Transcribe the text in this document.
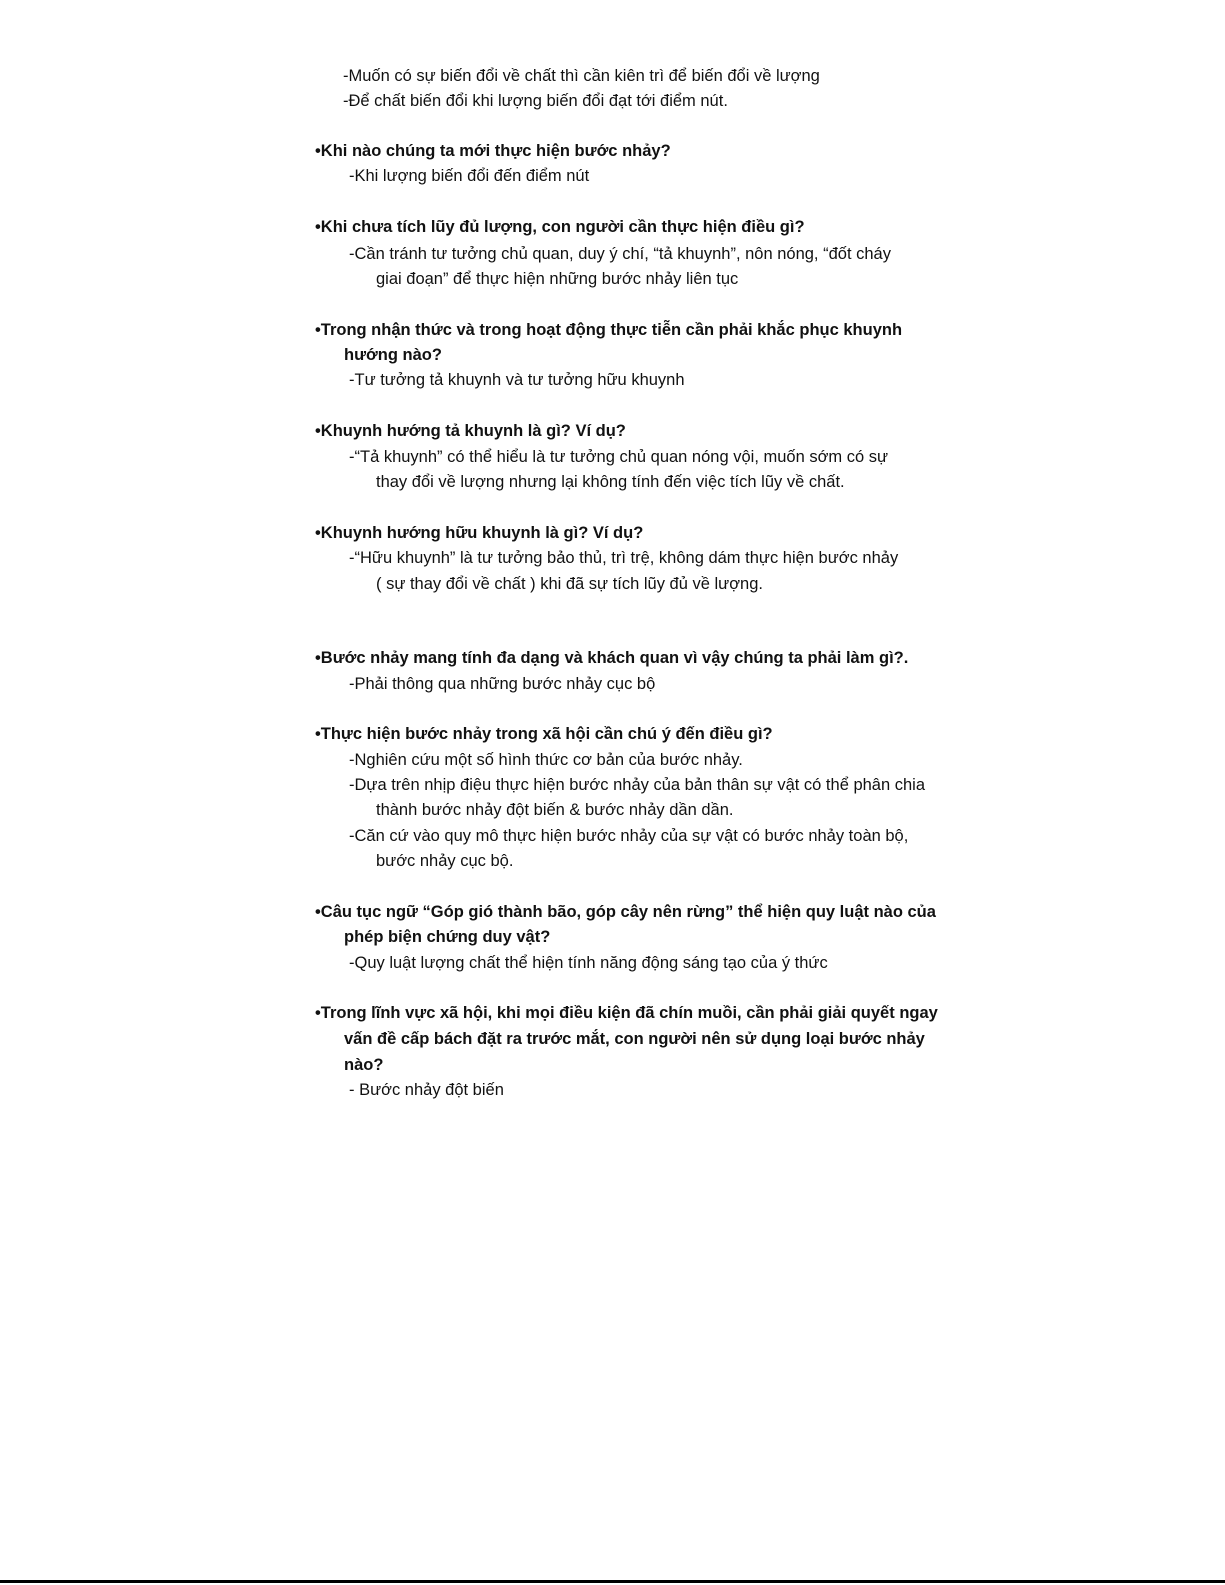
-Muốn có sự biến đổi về chất thì cần kiên trì để biến đổi về lượng
-Để chất biến đổi khi lượng biến đổi đạt tới điểm nút.
•Khi nào chúng ta mới thực hiện bước nhảy?
-Khi lượng biến đổi đến điểm nút
•Khi chưa tích lũy đủ lượng, con người cần thực hiện điều gì?
-Cần tránh tư tưởng chủ quan, duy ý chí, “tả khuynh”, nôn nóng, “đốt cháy
giai đoạn” để thực hiện những bước nhảy liên tục
•Trong nhận thức và trong hoạt động thực tiễn cần phải khắc phục khuynh
hướng nào?
-Tư tưởng tả khuynh và tư tưởng hữu khuynh
•Khuynh hướng tả khuynh là gì? Ví dụ?
-“Tả khuynh” có thể hiểu là tư tưởng chủ quan nóng vội, muốn sớm có sự
thay đổi về lượng nhưng lại không tính đến việc tích lũy về chất.
•Khuynh hướng hữu khuynh là gì? Ví dụ?
-“Hữu khuynh” là tư tưởng bảo thủ, trì trệ, không dám thực hiện bước nhảy
( sự thay đổi về chất ) khi đã sự tích lũy đủ về lượng.
•Bước nhảy mang tính đa dạng và khách quan vì vậy chúng ta phải làm gì?.
-Phải thông qua những bước nhảy cục bộ
•Thực hiện bước nhảy trong xã hội cần chú ý đến điều gì?
-Nghiên cứu một số hình thức cơ bản của bước nhảy.
-Dựa trên nhịp điệu thực hiện bước nhảy của bản thân sự vật có thể phân chia
thành bước nhảy đột biến & bước nhảy dần dần.
-Căn cứ vào quy mô thực hiện bước nhảy của sự vật có bước nhảy toàn bộ,
bước nhảy cục bộ.
•Câu tục ngữ “Góp gió thành bão, góp cây nên rừng” thể hiện quy luật nào của
phép biện chứng duy vật?
-Quy luật lượng chất thể hiện tính năng động sáng tạo của ý thức
•Trong lĩnh vực xã hội, khi mọi điều kiện đã chín muồi, cần phải giải quyết ngay
vấn đề cấp bách đặt ra trước mắt, con người nên sử dụng loại bước nhảy
nào?
- Bước nhảy đột biến
